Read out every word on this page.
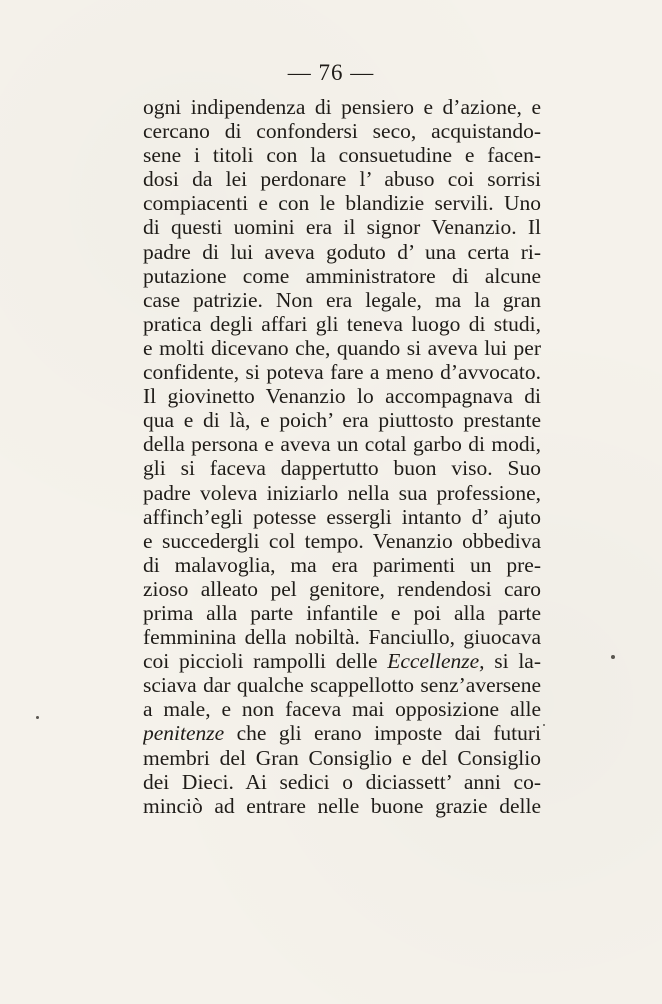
— 76 —
ogni indipendenza di pensiero e d’azione, e
cercano di confondersi seco, acquistando-
sene i titoli con la consuetudine e facen-
dosi da lei perdonare l’ abuso coi sorrisi
compiacenti e con le blandizie servili. Uno
di questi uomini era il signor Venanzio. Il
padre di lui aveva goduto d’ una certa ri-
putazione come amministratore di alcune
case patrizie. Non era legale, ma la gran
pratica degli affari gli teneva luogo di studi,
e molti dicevano che, quando si aveva lui per
confidente, si poteva fare a meno d’avvocato.
Il giovinetto Venanzio lo accompagnava di
qua e di là, e poich’ era piuttosto prestante
della persona e aveva un cotal garbo di modi,
gli si faceva dappertutto buon viso. Suo
padre voleva iniziarlo nella sua professione,
affinch’egli potesse essergli intanto d’ ajuto
e succedergli col tempo. Venanzio obbediva
di malavoglia, ma era parimenti un pre-
zioso alleato pel genitore, rendendosi caro
prima alla parte infantile e poi alla parte
femminina della nobiltà. Fanciullo, giuocava
coi piccioli rampolli delle Eccellenze, si la-
sciava dar qualche scappellotto senz’aversene
a male, e non faceva mai opposizione alle
penitenze che gli erano imposte dai futuri
membri del Gran Consiglio e del Consiglio
dei Dieci. Ai sedici o diciassett’ anni co-
minciò ad entrare nelle buone grazie delle
